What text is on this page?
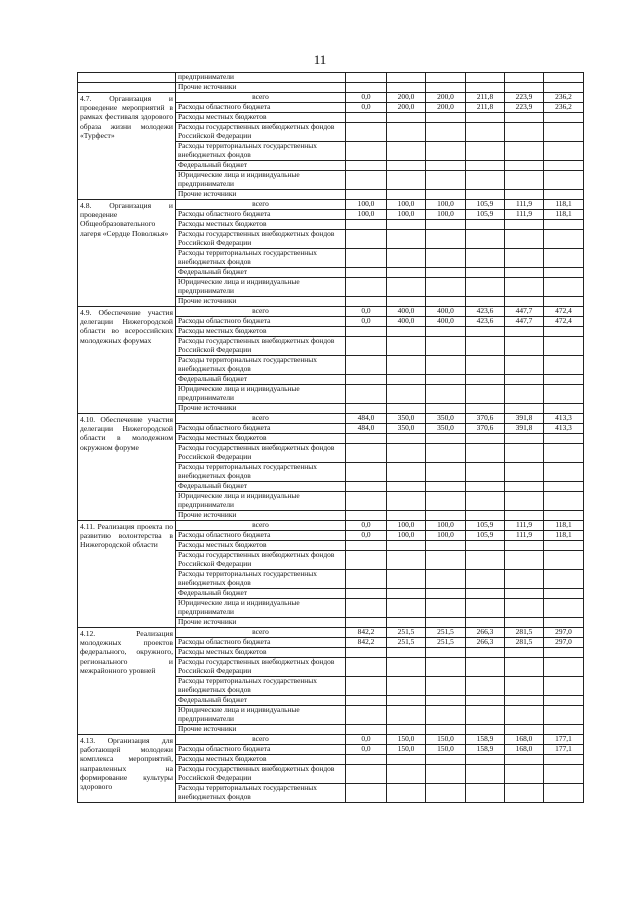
11
	предприниматели						
	Прочие источники						
4.7. Организация и проведение мероприятий в рамках фестиваля здорового образа жизни молодежи «Турфест»	всего	0,0	200,0	200,0	211,8	223,9	236,2
	Расходы областного бюджета	0,0	200,0	200,0	211,8	223,9	236,2
	Расходы местных бюджетов						
	Расходы государственных внебюджетных фондов Российской Федерации						
	Расходы территориальных государственных внебюджетных фондов						
	Федеральный бюджет						
	Юридические лица и индивидуальные предприниматели						
	Прочие источники						
4.8. Организация и проведение Общеобразовательного лагеря «Сердце Поволжья»	всего	100,0	100,0	100,0	105,9	111,9	118,1
	Расходы областного бюджета	100,0	100,0	100,0	105,9	111,9	118,1
	Расходы местных бюджетов						
	Расходы государственных внебюджетных фондов Российской Федерации						
	Расходы территориальных государственных внебюджетных фондов						
	Федеральный бюджет						
	Юридические лица и индивидуальные предприниматели						
	Прочие источники						
4.9. Обеспечение участия делегации Нижегородской области во всероссийских молодежных форумах	всего	0,0	400,0	400,0	423,6	447,7	472,4
	Расходы областного бюджета	0,0	400,0	400,0	423,6	447,7	472,4
	Расходы местных бюджетов						
	Расходы государственных внебюджетных фондов Российской Федерации						
	Расходы территориальных государственных внебюджетных фондов						
	Федеральный бюджет						
	Юридические лица и индивидуальные предприниматели						
	Прочие источники						
4.10. Обеспечение участия делегации Нижегородской области в молодежном окружном форуме	всего	484,0	350,0	350,0	370,6	391,8	413,3
	Расходы областного бюджета	484,0	350,0	350,0	370,6	391,8	413,3
	Расходы местных бюджетов						
	Расходы государственных внебюджетных фондов Российской Федерации						
	Расходы территориальных государственных внебюджетных фондов						
	Федеральный бюджет						
	Юридические лица и индивидуальные предприниматели						
	Прочие источники						
4.11. Реализация проекта по развитию волонтерства в Нижегородской области	всего	0,0	100,0	100,0	105,9	111,9	118,1
	Расходы областного бюджета	0,0	100,0	100,0	105,9	111,9	118,1
	Расходы местных бюджетов						
	Расходы государственных внебюджетных фондов Российской Федерации						
	Расходы территориальных государственных внебюджетных фондов						
	Федеральный бюджет						
	Юридические лица и индивидуальные предприниматели						
	Прочие источники						
4.12. Реализация молодежных проектов федерального, окружного, регионального и межрайонного уровней	всего	842,2	251,5	251,5	266,3	281,5	297,0
	Расходы областного бюджета	842,2	251,5	251,5	266,3	281,5	297,0
	Расходы местных бюджетов						
	Расходы государственных внебюджетных фондов Российской Федерации						
	Расходы территориальных государственных внебюджетных фондов						
	Федеральный бюджет						
	Юридические лица и индивидуальные предприниматели						
	Прочие источники						
4.13. Организация для работающей молодежи комплекса мероприятий, направленных на формирование культуры здорового	всего	0,0	150,0	150,0	158,9	168,0	177,1
	Расходы областного бюджета	0,0	150,0	150,0	158,9	168,0	177,1
	Расходы местных бюджетов						
	Расходы государственных внебюджетных фондов Российской Федерации						
	Расходы территориальных государственных внебюджетных фондов						
